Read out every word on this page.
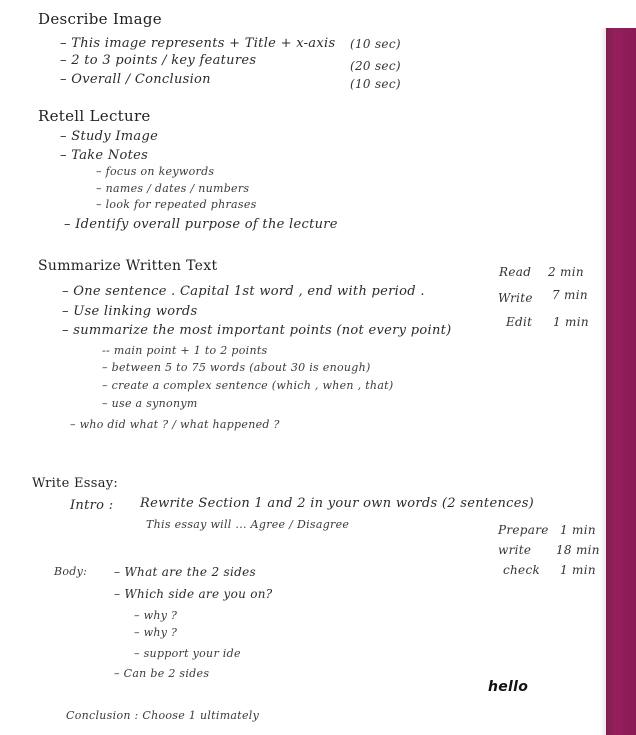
Describe Image
– This image represents + Title + x-axis (10 sec)
– 2 to 3 points / key features	(20 sec)
– Overall / Conclusion	(10 sec)
Retell Lecture
– Study Image
– Take Notes
– focus on keywords
– names / dates / numbers
– look for repeated phrases
– Identify overall purpose of the lecture
Summarize Written Text
– One sentence . Capital 1st word , end with period .
– Use linking words
– summarize the most important points (not every point)
-- main point + 1 to 2 points
– between 5 to 75 words (about 30 is enough)
– create a complex sentence (which , when , that)
– use a synonym
– who did what ? / what happened ?
Read 2 min
Write 7 min
Edit 1 min
Write Essay:
Intro : Rewrite Section 1 and 2 in your own words (2 sentences)
This essay will ... Agree / Disagree	Prepare 1 min
write 18 min
check 1 min
Body: – What are the 2 sides
– Which side are you on?
– why ?
– why ?
– support your ide
– Can be 2 sides
hello
Conclusion : Choose 1 ultimately
